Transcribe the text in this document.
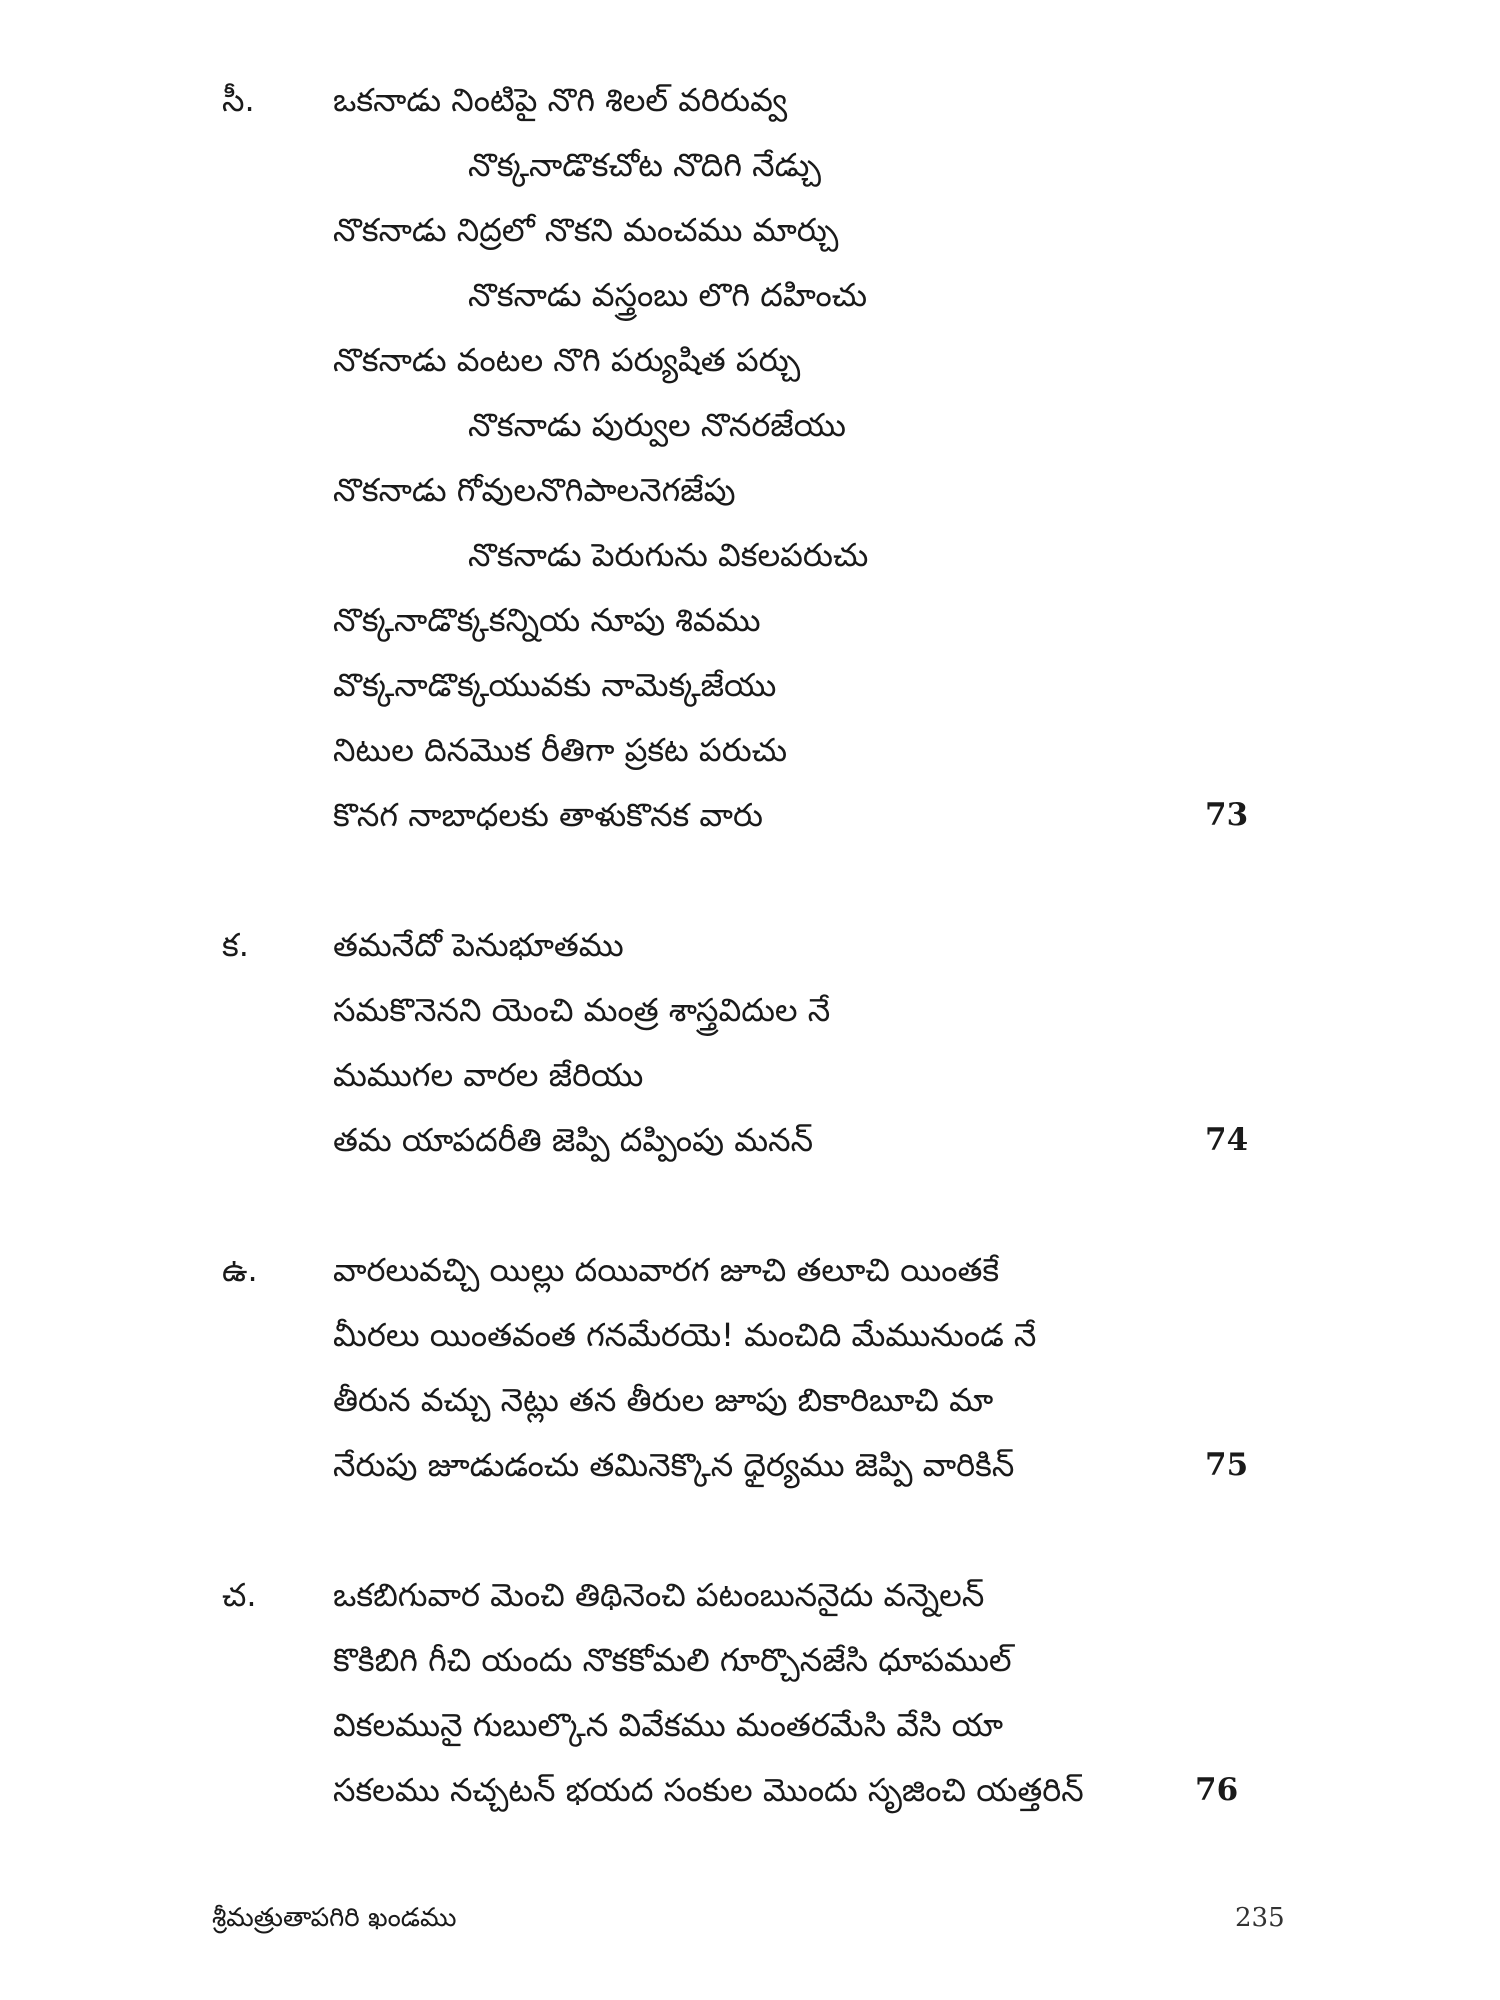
సీ. ఒకనాడు నింటిపై నొగి శిలల్ వరిరువ్వ
నొక్కనాడొకచోట నొదిగి నేడ్చు
నొకనాడు నిద్రలో నొకని మంచము మార్చు
నొకనాడు వస్త్రంబు లొగి దహించు
నొకనాడు వంటల నొగి పర్యుషిత పర్చు
నొకనాడు పుర్వుల నొనరజేయు
నొకనాడు గోవులనొగిపాలనెగజేపు
నొకనాడు పెరుగును వికలపరుచు
నొక్కనాడొక్కకన్నియ నూపు శివము
వొక్కనాడొక్కయువకు నామెక్కజేయు
నిటుల దినమొక రీతిగా ప్రకట పరుచు
కొనగ నాబాధలకు తాళుకొనక వారు	73
క.	తమనేదో పెనుభూతము
సమకొనెనని యెంచి మంత్ర శాస్త్రవిదుల నే
మముగల వారల జేరియు
తమ యాపదరీతి జెప్పి దప్పింపు మనన్	74
ఉ. వారలువచ్చి యిల్లు దయివారగ జూచి తలూచి యింతకే
మీరలు యింతవంత గనమేరయె! మంచిది మేమునుండ నే
తీరున వచ్చు నెట్లు తన తీరుల జూపు బికారిబూచి మా
నేరుపు జూడుడంచు తమినెక్కొన ధైర్యము జెప్పి వారికిన్	75
చ. ఒకబిగువార మెంచి తిథినెంచి పటంబుననైదు వన్నెలన్
కొకిబిగి గీచి యందు నొకకోమలి గూర్చొనజేసి ధూపముల్
వికలమునై గుబుల్కొన వివేకము మంతరమేసి వేసి యా
సకలము నచ్చటన్ భయద సంకుల మొందు సృజించి యత్తరిన్	76
శ్రీమత్రుతాపగిరి ఖండము	235
